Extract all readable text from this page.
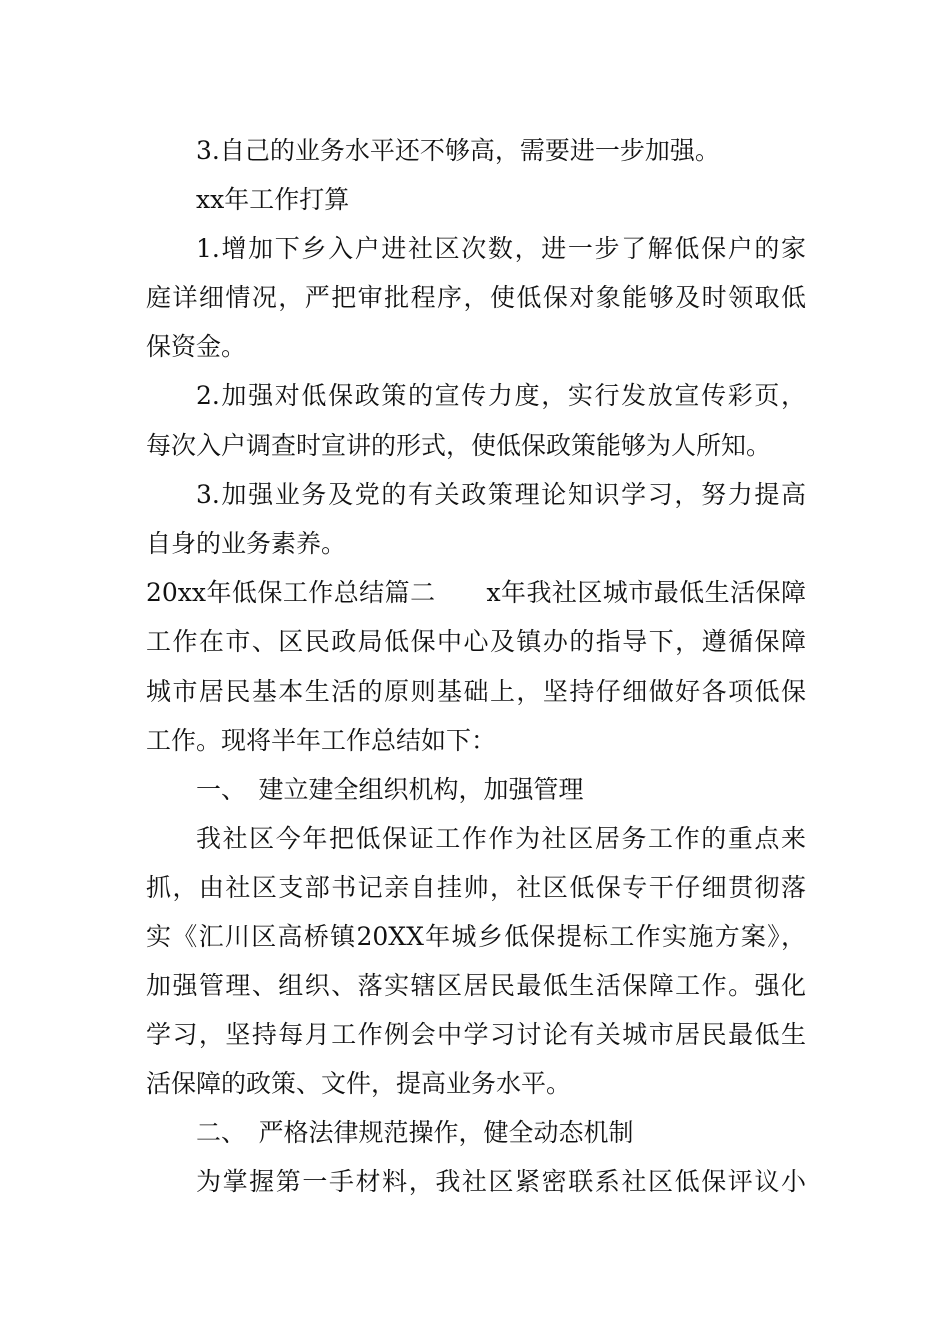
3.自己的业务水平还不够高，需要进一步加强。
xx年工作打算
1.增加下乡入户进社区次数，进一步了解低保户的家
庭详细情况，严把审批程序，使低保对象能够及时领取低
保资金。
2.加强对低保政策的宣传力度，实行发放宣传彩页，
每次入户调查时宣讲的形式，使低保政策能够为人所知。
3.加强业务及党的有关政策理论知识学习，努力提高
自身的业务素养。
20xx年低保工作总结篇二　　x年我社区城市最低生活保障
工作在市、区民政局低保中心及镇办的指导下，遵循保障
城市居民基本生活的原则基础上，坚持仔细做好各项低保
工作。现将半年工作总结如下：
一、　建立建全组织机构，加强管理
我社区今年把低保证工作作为社区居务工作的重点来
抓，由社区支部书记亲自挂帅，社区低保专干仔细贯彻落
实《汇川区高桥镇20XX年城乡低保提标工作实施方案》，
加强管理、组织、落实辖区居民最低生活保障工作。强化
学习，坚持每月工作例会中学习讨论有关城市居民最低生
活保障的政策、文件，提高业务水平。
二、　严格法律规范操作，健全动态机制
为掌握第一手材料，我社区紧密联系社区低保评议小
